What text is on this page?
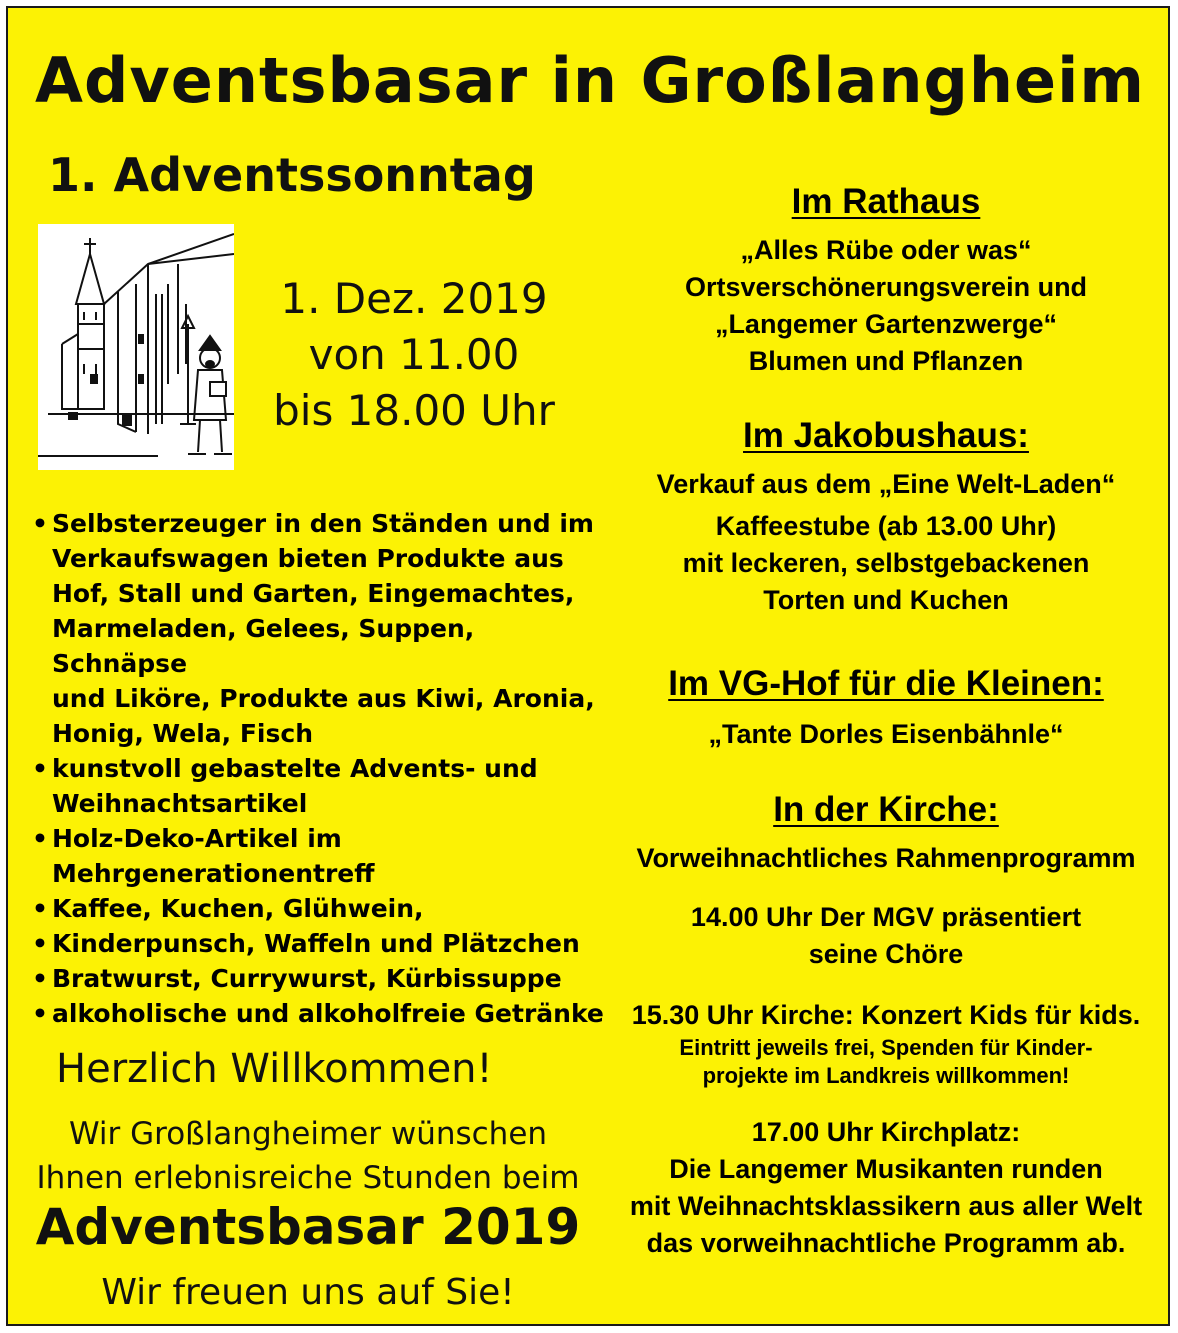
Adventsbasar in Großlangheim
1. Adventssonntag
1. Dez. 2019
von 11.00
bis 18.00 Uhr
• Selbsterzeuger in den Ständen und im
Verkaufswagen bieten Produkte aus
Hof, Stall und Garten, Eingemachtes,
Marmeladen, Gelees, Suppen, Schnäpse
und Liköre, Produkte aus Kiwi, Aronia,
Honig, Wela, Fisch
• kunstvoll gebastelte Advents- und
Weihnachtsartikel
• Holz-Deko-Artikel im
Mehrgenerationentreff
• Kaffee, Kuchen, Glühwein,
• Kinderpunsch, Waffeln und Plätzchen
• Bratwurst, Currywurst, Kürbissuppe
• alkoholische und alkoholfreie Getränke
Herzlich Willkommen!
Wir Großlangheimer wünschen
Ihnen erlebnisreiche Stunden beim
Adventsbasar 2019
Wir freuen uns auf Sie!
Im Rathaus
„Alles Rübe oder was“
Ortsverschönerungsverein und
„Langemer Gartenzwerge“
Blumen und Pflanzen
Im Jakobushaus:
Verkauf aus dem „Eine Welt-Laden“
Kaffeestube (ab 13.00 Uhr)
mit leckeren, selbstgebackenen
Torten und Kuchen
Im VG-Hof für die Kleinen:
„Tante Dorles Eisenbähnle“
In der Kirche:
Vorweihnachtliches Rahmenprogramm
14.00 Uhr Der MGV präsentiert
seine Chöre
15.30 Uhr Kirche: Konzert Kids für kids.
Eintritt jeweils frei, Spenden für Kinder-
projekte im Landkreis willkommen!
17.00 Uhr Kirchplatz:
Die Langemer Musikanten runden
mit Weihnachtsklassikern aus aller Welt
das vorweihnachtliche Programm ab.
